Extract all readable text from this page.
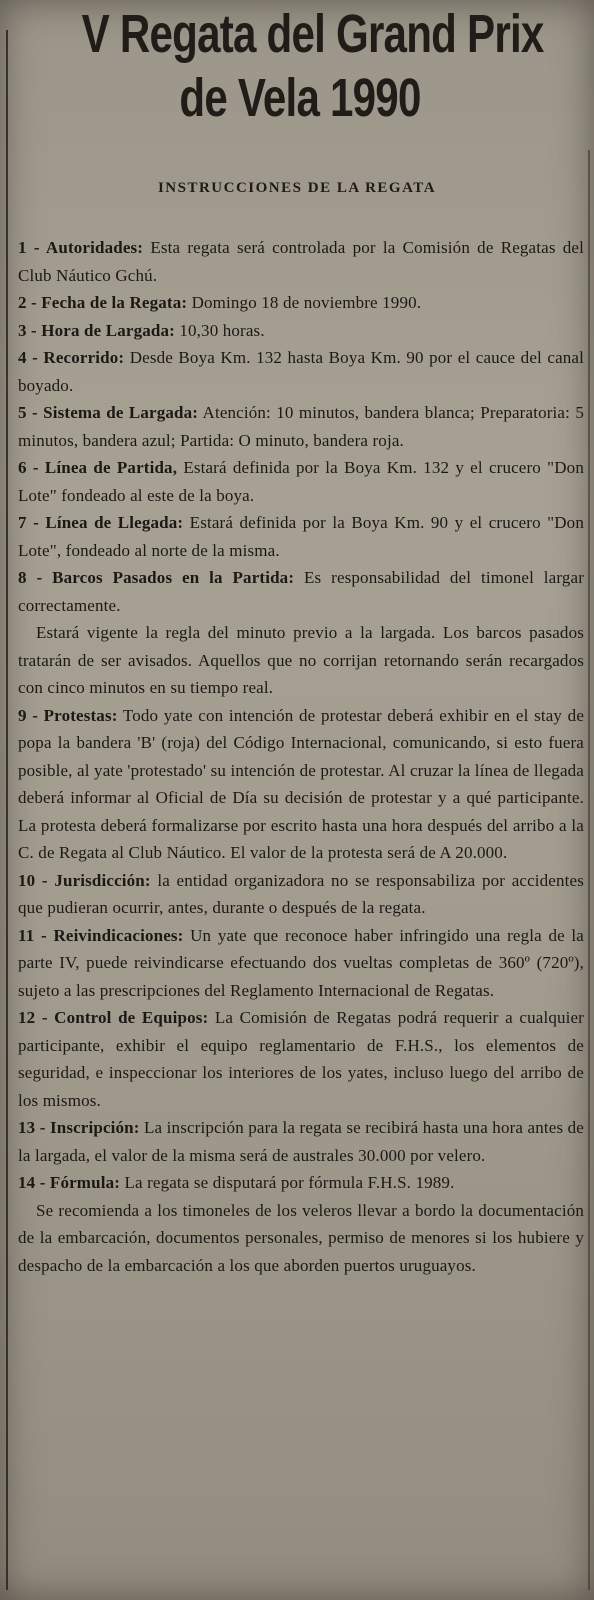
V Regata del Grand Prix
de Vela 1990
INSTRUCCIONES DE LA REGATA

1 - Autoridades: Esta regata será controlada por la Comisión de Regatas del Club Náutico Gchú.

2 - Fecha de la Regata: Domingo 18 de noviembre 1990.

3 - Hora de Largada: 10,30 horas.

4 - Recorrido: Desde Boya Km. 132 hasta Boya Km. 90 por el cauce del canal boyado.

5 - Sistema de Largada: Atención: 10 minutos, bandera blanca; Preparatoria: 5 minutos, bandera azul; Partida: O minuto, bandera roja.

6 - Línea de Partida, Estará definida por la Boya Km. 132 y el crucero "Don Lote" fondeado al este de la boya.

7 - Línea de Llegada: Estará definida por la Boya Km. 90 y el crucero "Don Lote", fondeado al norte de la misma.

8 - Barcos Pasados en la Partida: Es responsabilidad del timonel largar correctamente.

Estará vigente la regla del minuto previo a la largada. Los barcos pasados tratarán de ser avisados. Aquellos que no corrijan retornando serán recargados con cinco minutos en su tiempo real.

9 - Protestas: Todo yate con intención de protestar deberá exhibir en el stay de popa la bandera 'B' (roja) del Código Internacional, comunicando, si esto fuera posible, al yate 'protestado' su intención de protestar. Al cruzar la línea de llegada deberá informar al Oficial de Día su decisión de protestar y a qué participante. La protesta deberá formalizarse por escrito hasta una hora después del arribo a la C. de Regata al Club Náutico. El valor de la protesta será de A 20.000.

10 - Jurisdicción: la entidad organizadora no se responsabiliza por accidentes que pudieran ocurrir, antes, durante o después de la regata.

11 - Reivindicaciones: Un yate que reconoce haber infringido una regla de la parte IV, puede reivindicarse efectuando dos vueltas completas de 360º (720º), sujeto a las prescripciones del Reglamento Internacional de Regatas.

12 - Control de Equipos: La Comisión de Regatas podrá requerir a cualquier participante, exhibir el equipo reglamentario de F.H.S., los elementos de seguridad, e inspeccionar los interiores de los yates, incluso luego del arribo de los mismos.

13 - Inscripción: La inscripción para la regata se recibirá hasta una hora antes de la largada, el valor de la misma será de australes 30.000 por velero.

14 - Fórmula: La regata se disputará por fórmula F.H.S. 1989.

Se recomienda a los timoneles de los veleros llevar a bordo la documentación de la embarcación, documentos personales, permiso de menores si los hubiere y despacho de la embarcación a los que aborden puertos uruguayos.
